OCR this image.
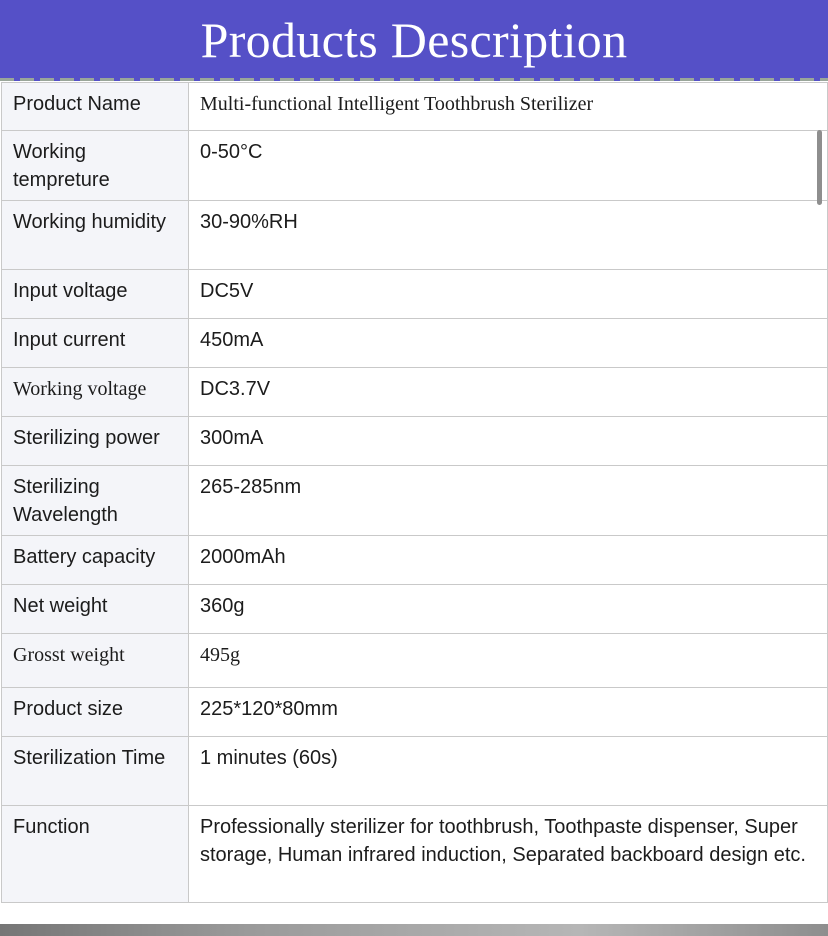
Products Description
Product Name	Multi-functional Intelligent Toothbrush Sterilizer
Working tempreture	0-50°C
Working humidity	30-90%RH
Input voltage	DC5V
Input current	450mA
Working voltage	DC3.7V
Sterilizing power	300mA
Sterilizing Wavelength	265-285nm
Battery capacity	2000mAh
Net weight	360g
Grosst weight	495g
Product size	225*120*80mm
Sterilization Time	1 minutes (60s)
Function	Professionally sterilizer for toothbrush, Toothpaste dispenser, Super storage, Human infrared induction, Separated backboard design etc.
